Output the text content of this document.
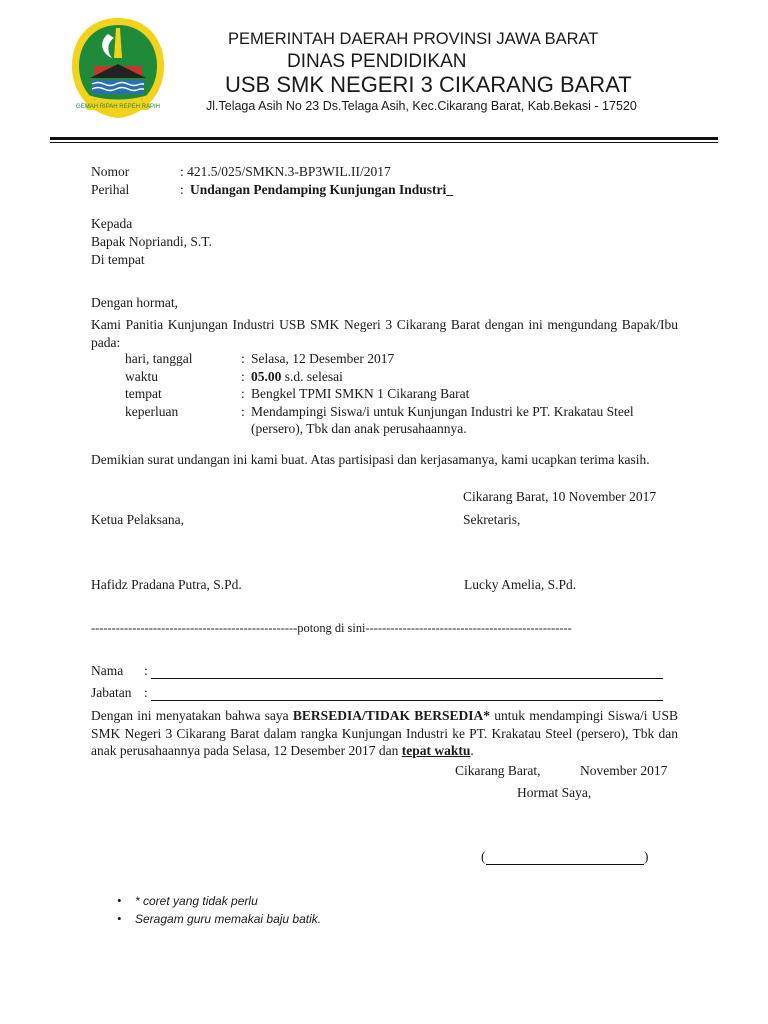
GEMAH RIPAH REPEH RAPIH
PEMERINTAH DAERAH PROVINSI JAWA BARAT
DINAS PENDIDIKAN
USB SMK NEGERI 3 CIKARANG BARAT
Jl.Telaga Asih No 23 Ds.Telaga Asih, Kec.Cikarang Barat, Kab.Bekasi - 17520
Nomor	: 421.5/025/SMKN.3-BP3WIL.II/2017
Perihal	: Undangan Pendamping Kunjungan Industri_
Kepada
Bapak Nopriandi, S.T.
Di tempat
Dengan hormat,
Kami Panitia Kunjungan Industri USB SMK Negeri 3 Cikarang Barat dengan ini mengundang Bapak/Ibu pada:
hari, tanggal	: Selasa, 12 Desember 2017
waktu	: 05.00 s.d. selesai
tempat	: Bengkel TPMI SMKN 1 Cikarang Barat
keperluan	: Mendampingi Siswa/i untuk Kunjungan Industri ke PT. Krakatau Steel
(persero), Tbk dan anak perusahaannya.
Demikian surat undangan ini kami buat. Atas partisipasi dan kerjasamanya, kami ucapkan terima kasih.
Cikarang Barat, 10 November 2017
Ketua Pelaksana,	Sekretaris,
Hafidz Pradana Putra, S.Pd.	Lucky Amelia, S.Pd.
--------------------------------------------------potong di sini--------------------------------------------------
Nama :
Jabatan :
Dengan ini menyatakan bahwa saya BERSEDIA/TIDAK BERSEDIA* untuk mendampingi Siswa/i USB SMK Negeri 3 Cikarang Barat dalam rangka Kunjungan Industri ke PT. Krakatau Steel (persero), Tbk dan anak perusahaannya pada Selasa, 12 Desember 2017 dan tepat waktu.
Cikarang Barat,	November 2017
Hormat Saya,
(	)
• * coret yang tidak perlu
• Seragam guru memakai baju batik.
